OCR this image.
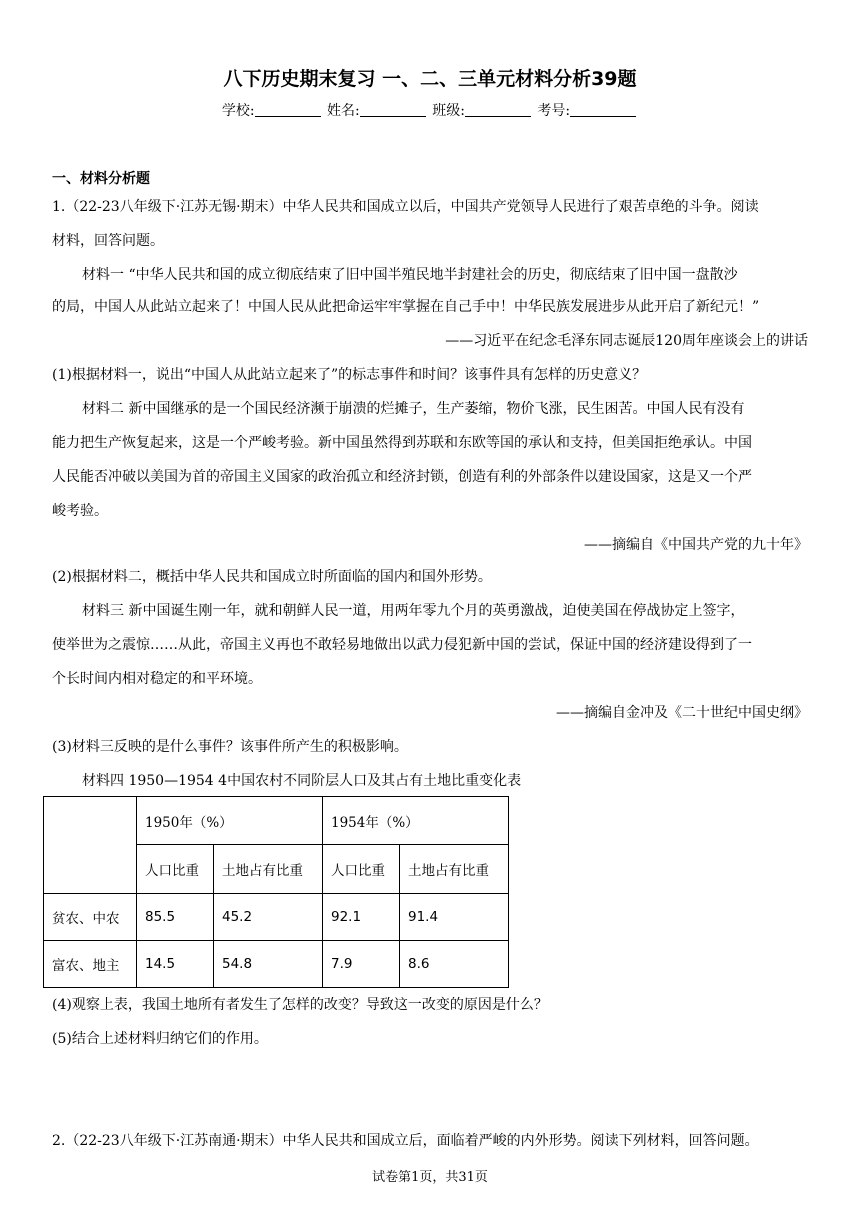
八下历史期末复习 一、二、三单元材料分析39题
学校:	姓名:	班级:	考号:
一、材料分析题
1.（22-23八年级下·江苏无锡·期末）中华人民共和国成立以后，中国共产党领导人民进行了艰苦卓绝的斗争。阅读
材料，回答问题。
材料一 “中华人民共和国的成立彻底结束了旧中国半殖民地半封建社会的历史，彻底结束了旧中国一盘散沙
的局，中国人从此站立起来了！中国人民从此把命运牢牢掌握在自己手中！中华民族发展进步从此开启了新纪元！”
——习近平在纪念毛泽东同志诞辰120周年座谈会上的讲话
(1)根据材料一，说出“中国人从此站立起来了”的标志事件和时间？该事件具有怎样的历史意义？
材料二 新中国继承的是一个国民经济濒于崩溃的烂摊子，生产萎缩，物价飞涨，民生困苦。中国人民有没有
能力把生产恢复起来，这是一个严峻考验。新中国虽然得到苏联和东欧等国的承认和支持，但美国拒绝承认。中国
人民能否冲破以美国为首的帝国主义国家的政治孤立和经济封锁，创造有利的外部条件以建设国家，这是又一个严
峻考验。
——摘编自《中国共产党的九十年》
(2)根据材料二，概括中华人民共和国成立时所面临的国内和国外形势。
材料三 新中国诞生刚一年，就和朝鲜人民一道，用两年零九个月的英勇激战，迫使美国在停战协定上签字，
使举世为之震惊……从此，帝国主义再也不敢轻易地做出以武力侵犯新中国的尝试，保证中国的经济建设得到了一
个长时间内相对稳定的和平环境。
——摘编自金冲及《二十世纪中国史纲》
(3)材料三反映的是什么事件？该事件所产生的积极影响。
材料四 1950—1954 4中国农村不同阶层人口及其占有土地比重变化表
	1950年（%）		1954年（%）	
	人口比重	土地占有比重	人口比重	土地占有比重
贫农、中农	85.5	45.2	92.1	91.4
富农、地主	14.5	54.8	7.9	8.6
(4)观察上表，我国土地所有者发生了怎样的改变？导致这一改变的原因是什么？
(5)结合上述材料归纳它们的作用。
2.（22-23八年级下·江苏南通·期末）中华人民共和国成立后，面临着严峻的内外形势。阅读下列材料，回答问题。
试卷第1页，共31页
